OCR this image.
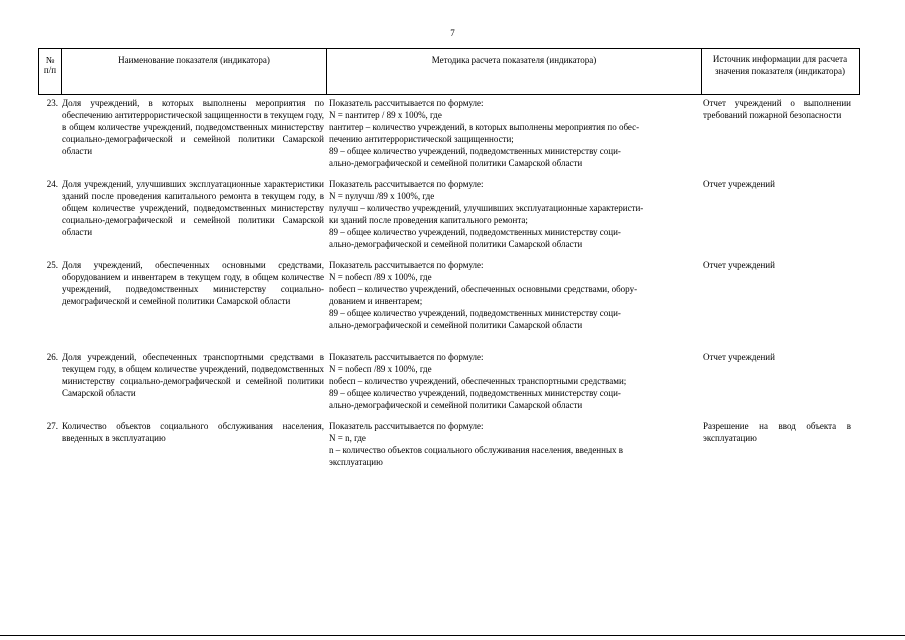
7
№ п/п
Наименование показателя (индикатора)	Методика расчета показателя (индикатора)	Источник информации для расчета значения показателя (индикатора)
23. Доля учреждений, в которых выполнены мероприятия по обеспечению антитеррористической защищенности в текущем году, в общем количестве учреждений, подведомственных министерству социально-демографической и семейной политики Самарской области
Показатель рассчитывается по формуле:
N = nантитер / 89 x 100%, где
nантитер – количество учреждений, в которых выполнены мероприятия по обес-
печению антитеррористической защищенности;
89 – общее количество учреждений, подведомственных министерству соци-
ально-демографической и семейной политики Самарской области
Отчет учреждений о выполнении требований пожарной безопасности
24. Доля учреждений, улучшивших эксплуатационные характеристики зданий после проведения капитального ремонта в текущем году, в общем количестве учреждений, подведомственных министерству социально-демографической и семейной политики Самарской области
Показатель рассчитывается по формуле:
N = nулучш /89 x 100%, где
nулучш – количество учреждений, улучшивших эксплуатационные характеристи-
ки зданий после проведения капитального ремонта;
89 – общее количество учреждений, подведомственных министерству соци-
ально-демографической и семейной политики Самарской области
Отчет учреждений
25. Доля учреждений, обеспеченных основными средствами, оборудованием и инвентарем в текущем году, в общем количестве учреждений, подведомственных министерству социально-демографической и семейной политики Самарской области
Показатель рассчитывается по формуле:
N = nобесп /89 x 100%, где
nобесп – количество учреждений, обеспеченных основными средствами, обору-
дованием и инвентарем;
89 – общее количество учреждений, подведомственных министерству соци-
ально-демографической и семейной политики Самарской области
Отчет учреждений
26. Доля учреждений, обеспеченных транспортными средствами в текущем году, в общем количестве учреждений, подведомственных министерству социально-демографической и семейной политики Самарской области
Показатель рассчитывается по формуле:
N = nобесп /89 x 100%, где
nобесп – количество учреждений, обеспеченных транспортными средствами;
89 – общее количество учреждений, подведомственных министерству соци-
ально-демографической и семейной политики Самарской области
Отчет учреждений
27. Количество объектов социального обслуживания населения, введенных в эксплуатацию
Показатель рассчитывается по формуле:
N = n, где
n – количество объектов социального обслуживания населения, введенных в
эксплуатацию
Разрешение на ввод объекта в эксплуатацию
